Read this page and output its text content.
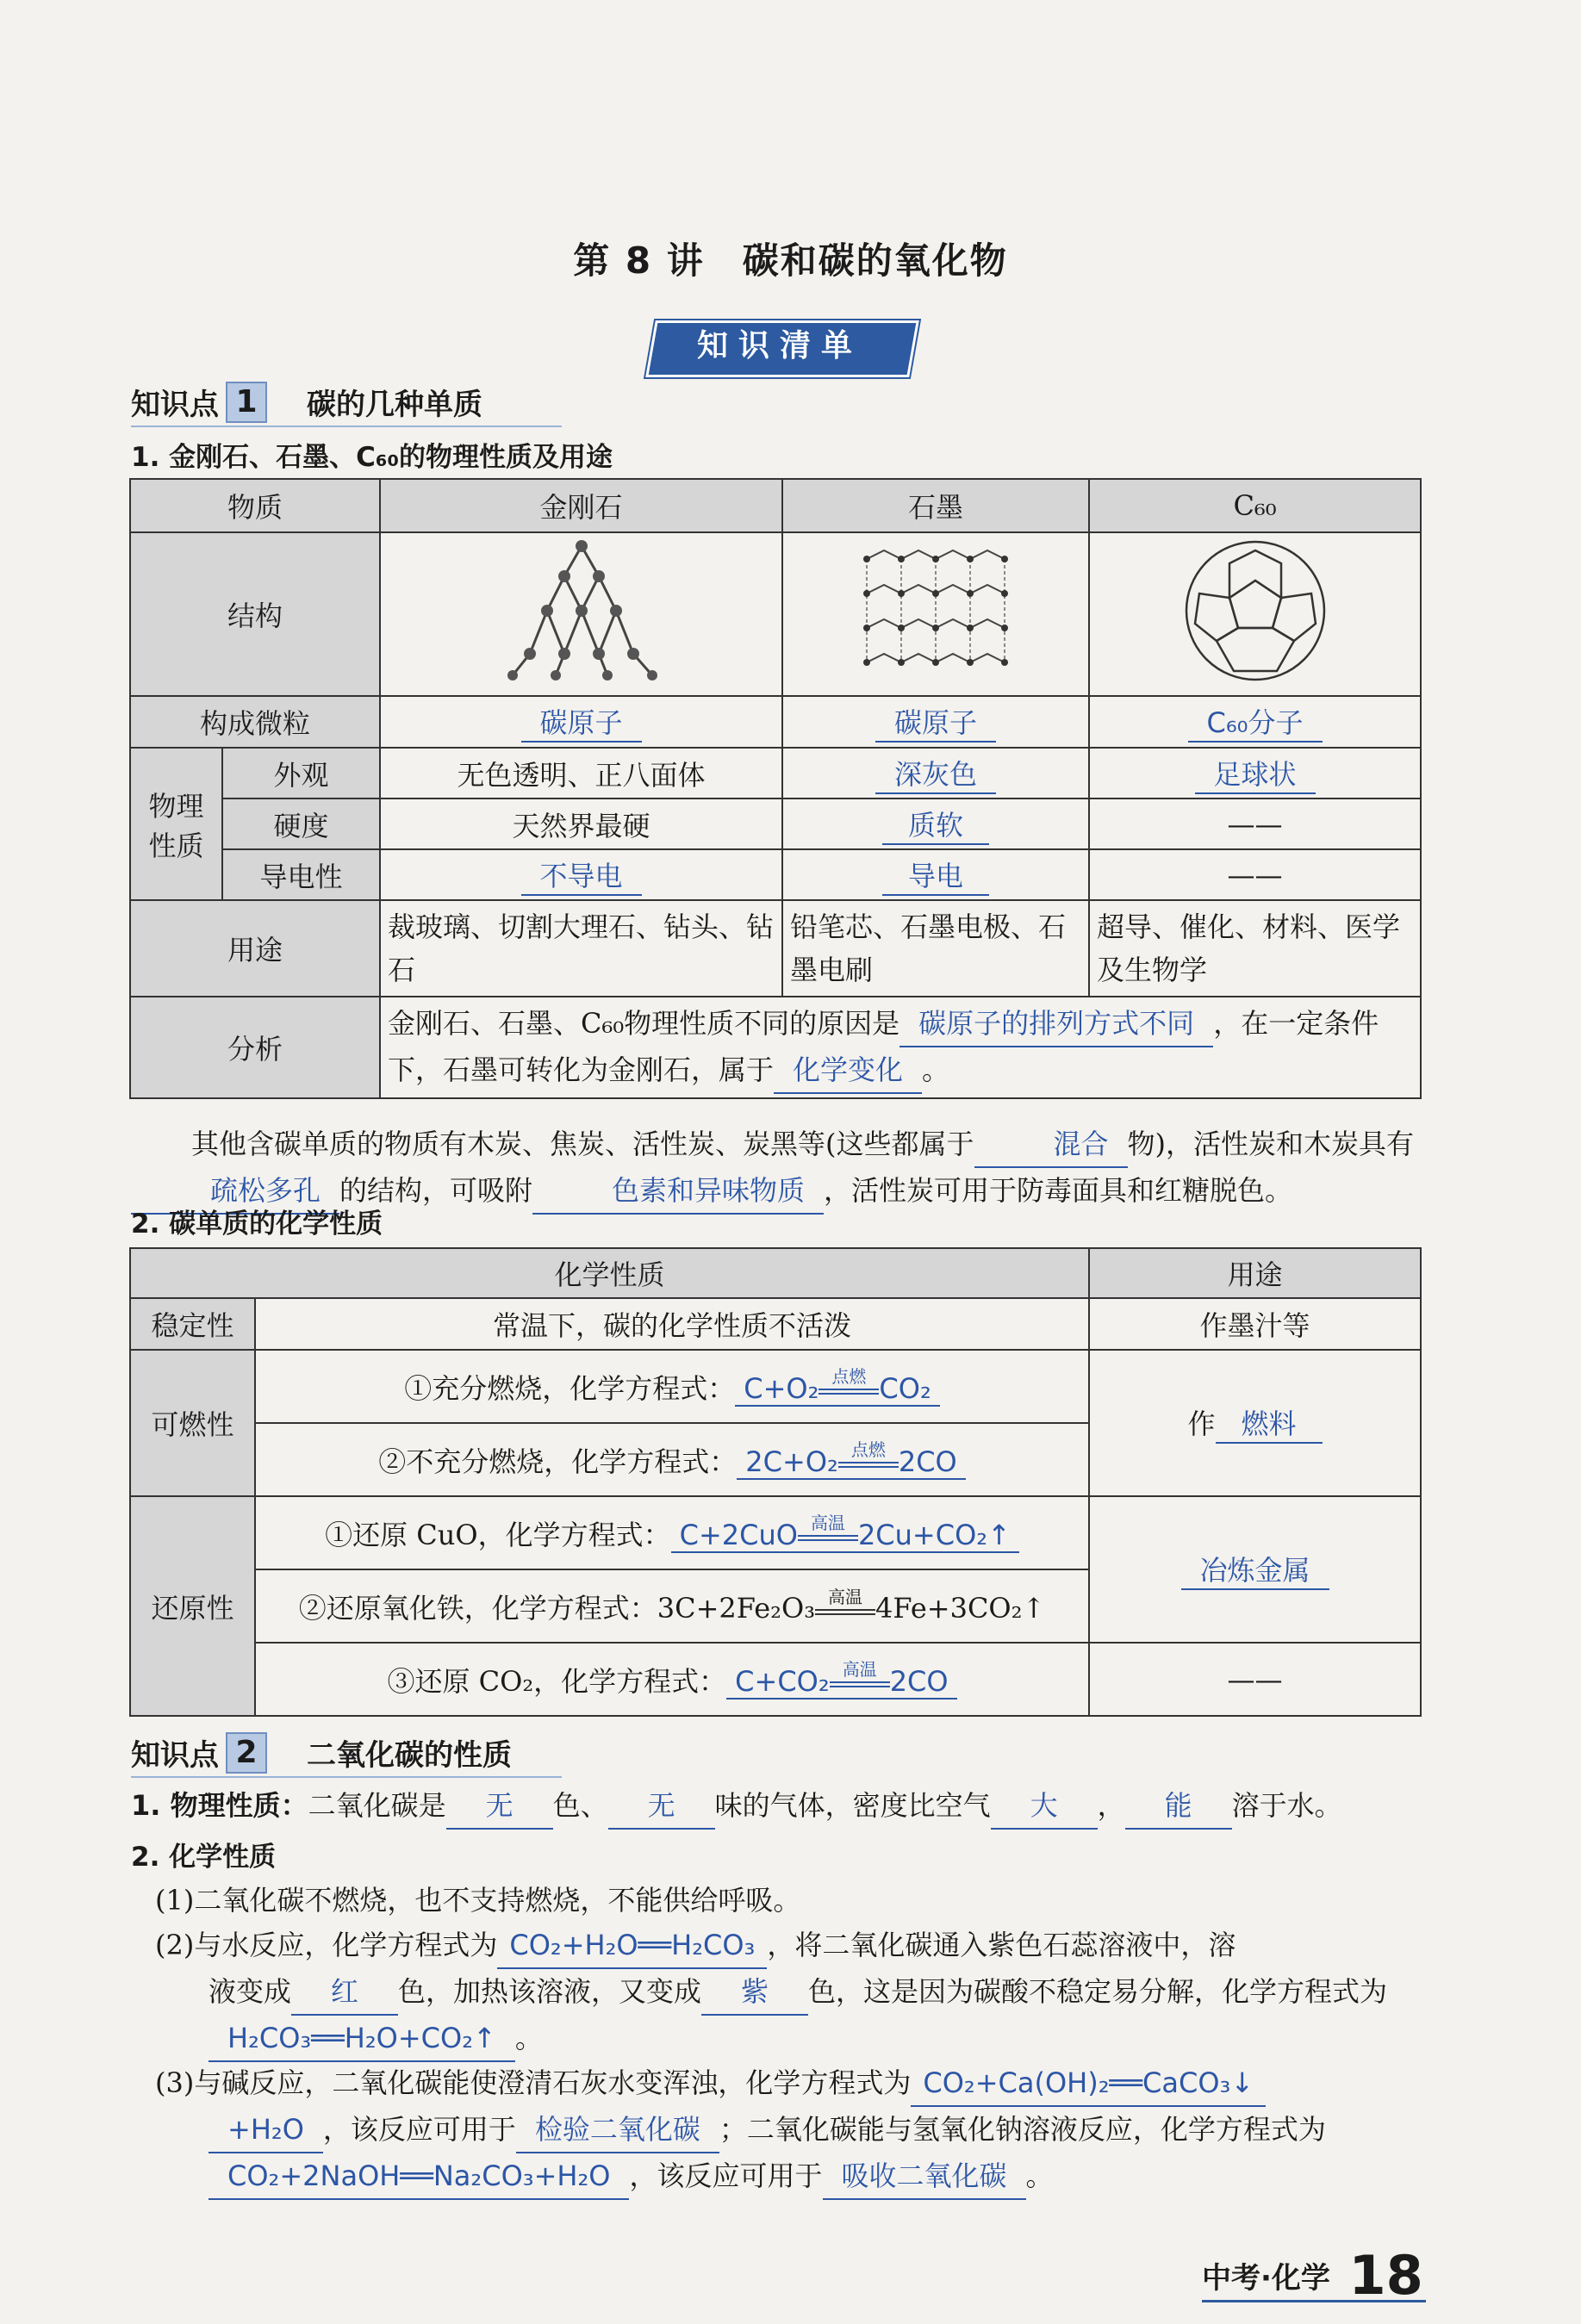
第 8 讲　碳和碳的氧化物
知识清单
知识点 1	碳的几种单质
1. 金刚石、石墨、C₆₀的物理性质及用途
物质		金刚石	石墨	C₆₀
结构			
构成微粒		碳原子	碳原子	C₆₀分子
物理性质	外观	无色透明、正八面体	深灰色	足球状
	硬度	天然界最硬	质软	——
	导电性	不导电	导电	——
用途		裁玻璃、切割大理石、钻头、钻石	铅笔芯、石墨电极、石墨电刷	超导、催化、材料、医学及生物学
分析		金刚石、石墨、C₆₀物理性质不同的原因是 碳原子的排列方式不同 ，在一定条件下，石墨可转化为金刚石，属于 化学变化 。		
其他含碳单质的物质有木炭、焦炭、活性炭、炭黑等(这些都属于	混合 物)，活性炭和木炭具有疏松多孔 的结构，可吸附	色素和异味物质 ，活性炭可用于防毒面具和红糖脱色。
2. 碳单质的化学性质
化学性质		用途
稳定性	常温下，碳的化学性质不活泼	作墨汁等
可燃性	①充分燃烧，化学方程式： C+O₂ 点燃 CO₂	作 燃料
	②不充分燃烧，化学方程式： 2C+O₂ 点燃 2CO	
还原性	①还原 CuO，化学方程式： C+2CuO 高温 2Cu+CO₂↑	冶炼金属
	②还原氧化铁，化学方程式：3C+2Fe₂O₃ 高温 4Fe+3CO₂↑	
	③还原 CO₂，化学方程式： C+CO₂ 高温 2CO	——
知识点 2	二氧化碳的性质
1. 物理性质：二氧化碳是 无 色、 无 味的气体，密度比空气 大 ， 能 溶于水。
2. 化学性质
(1)二氧化碳不燃烧，也不支持燃烧，不能供给呼吸。
(2)与水反应，化学方程式为 CO₂+H₂O══H₂CO₃ ，将二氧化碳通入紫色石蕊溶液中，溶
液变成 红 色，加热该溶液，又变成 紫 色，这是因为碳酸不稳定易分解，化学方程式为
H₂CO₃══H₂O+CO₂↑ 。
(3)与碱反应，二氧化碳能使澄清石灰水变浑浊，化学方程式为 CO₂+Ca(OH)₂══CaCO₃↓
+H₂O ，该反应可用于 检验二氧化碳 ；二氧化碳能与氢氧化钠溶液反应，化学方程式为
CO₂+2NaOH══Na₂CO₃+H₂O ，该反应可用于 吸收二氧化碳 。
中考·化学 18
